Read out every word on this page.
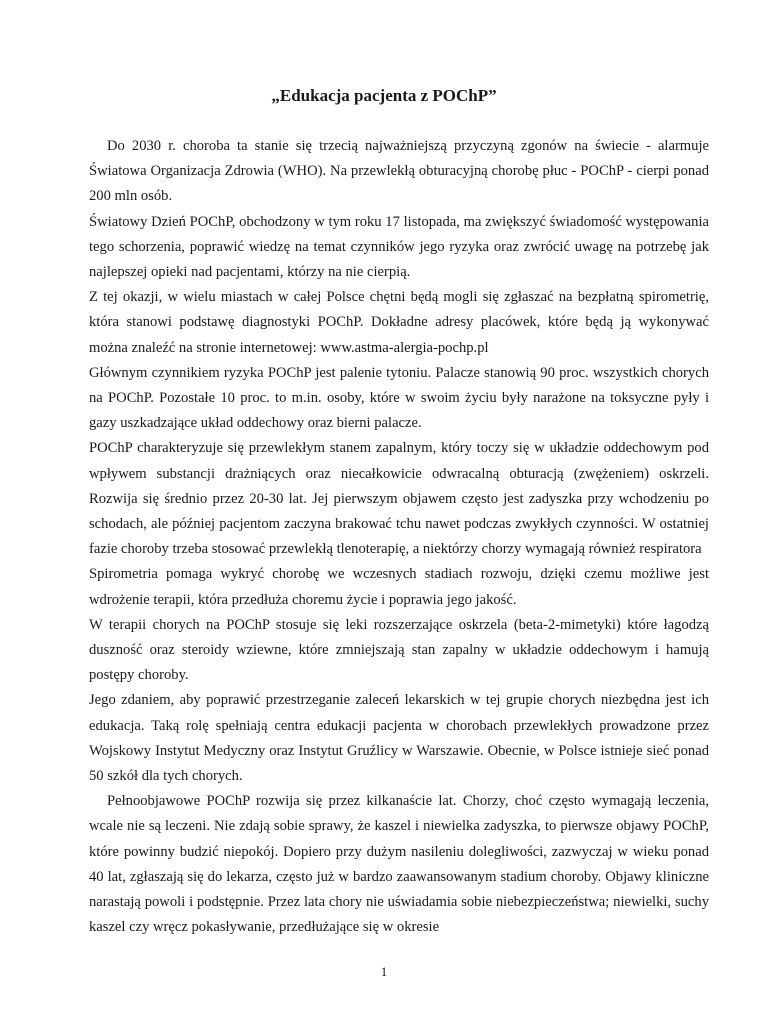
„Edukacja pacjenta z POChP”

Do 2030 r. choroba ta stanie się trzecią najważniejszą przyczyną zgonów na świecie - alarmuje Światowa Organizacja Zdrowia (WHO). Na przewlekłą obturacyjną chorobę płuc - POChP - cierpi ponad 200 mln osób.

Światowy Dzień POChP, obchodzony w tym roku 17 listopada, ma zwiększyć świadomość występowania tego schorzenia, poprawić wiedzę na temat czynników jego ryzyka oraz zwrócić uwagę na potrzebę jak najlepszej opieki nad pacjentami, którzy na nie cierpią.

Z tej okazji, w wielu miastach w całej Polsce chętni będą mogli się zgłaszać na bezpłatną spirometrię, która stanowi podstawę diagnostyki POChP. Dokładne adresy placówek, które będą ją wykonywać można znaleźć na stronie internetowej: www.astma-alergia-pochp.pl

Głównym czynnikiem ryzyka POChP jest palenie tytoniu. Palacze stanowią 90 proc. wszystkich chorych na POChP. Pozostałe 10 proc. to m.in. osoby, które w swoim życiu były narażone na toksyczne pyły i gazy uszkadzające układ oddechowy oraz bierni palacze.

POChP charakteryzuje się przewlekłym stanem zapalnym, który toczy się w układzie oddechowym pod wpływem substancji drażniących oraz niecałkowicie odwracalną obturacją (zwężeniem) oskrzeli. Rozwija się średnio przez 20-30 lat. Jej pierwszym objawem często jest zadyszka przy wchodzeniu po schodach, ale później pacjentom zaczyna brakować tchu nawet podczas zwykłych czynności. W ostatniej fazie choroby trzeba stosować przewlekłą tlenoterapię, a niektórzy chorzy wymagają również respiratora

Spirometria pomaga wykryć chorobę we wczesnych stadiach rozwoju, dzięki czemu możliwe jest wdrożenie terapii, która przedłuża choremu życie i poprawia jego jakość.

W terapii chorych na POChP stosuje się leki rozszerzające oskrzela (beta-2-mimetyki) które łagodzą duszność oraz steroidy wziewne, które zmniejszają stan zapalny w układzie oddechowym i hamują postępy choroby.

Jego zdaniem, aby poprawić przestrzeganie zaleceń lekarskich w tej grupie chorych niezbędna jest ich edukacja. Taką rolę spełniają centra edukacji pacjenta w chorobach przewlekłych prowadzone przez Wojskowy Instytut Medyczny oraz Instytut Gruźlicy w Warszawie. Obecnie, w Polsce istnieje sieć ponad 50 szkół dla tych chorych.

Pełnoobjawowe POChP rozwija się przez kilkanaście lat. Chorzy, choć często wymagają leczenia, wcale nie są leczeni. Nie zdają sobie sprawy, że kaszel i niewielka zadyszka, to pierwsze objawy POChP, które powinny budzić niepokój. Dopiero przy dużym nasileniu dolegliwości, zazwyczaj w wieku ponad 40 lat, zgłaszają się do lekarza, często już w bardzo zaawansowanym stadium choroby. Objawy kliniczne narastają powoli i podstępnie. Przez lata chory nie uświadamia sobie niebezpieczeństwa; niewielki, suchy kaszel czy wręcz pokasływanie, przedłużające się w okresie

1
